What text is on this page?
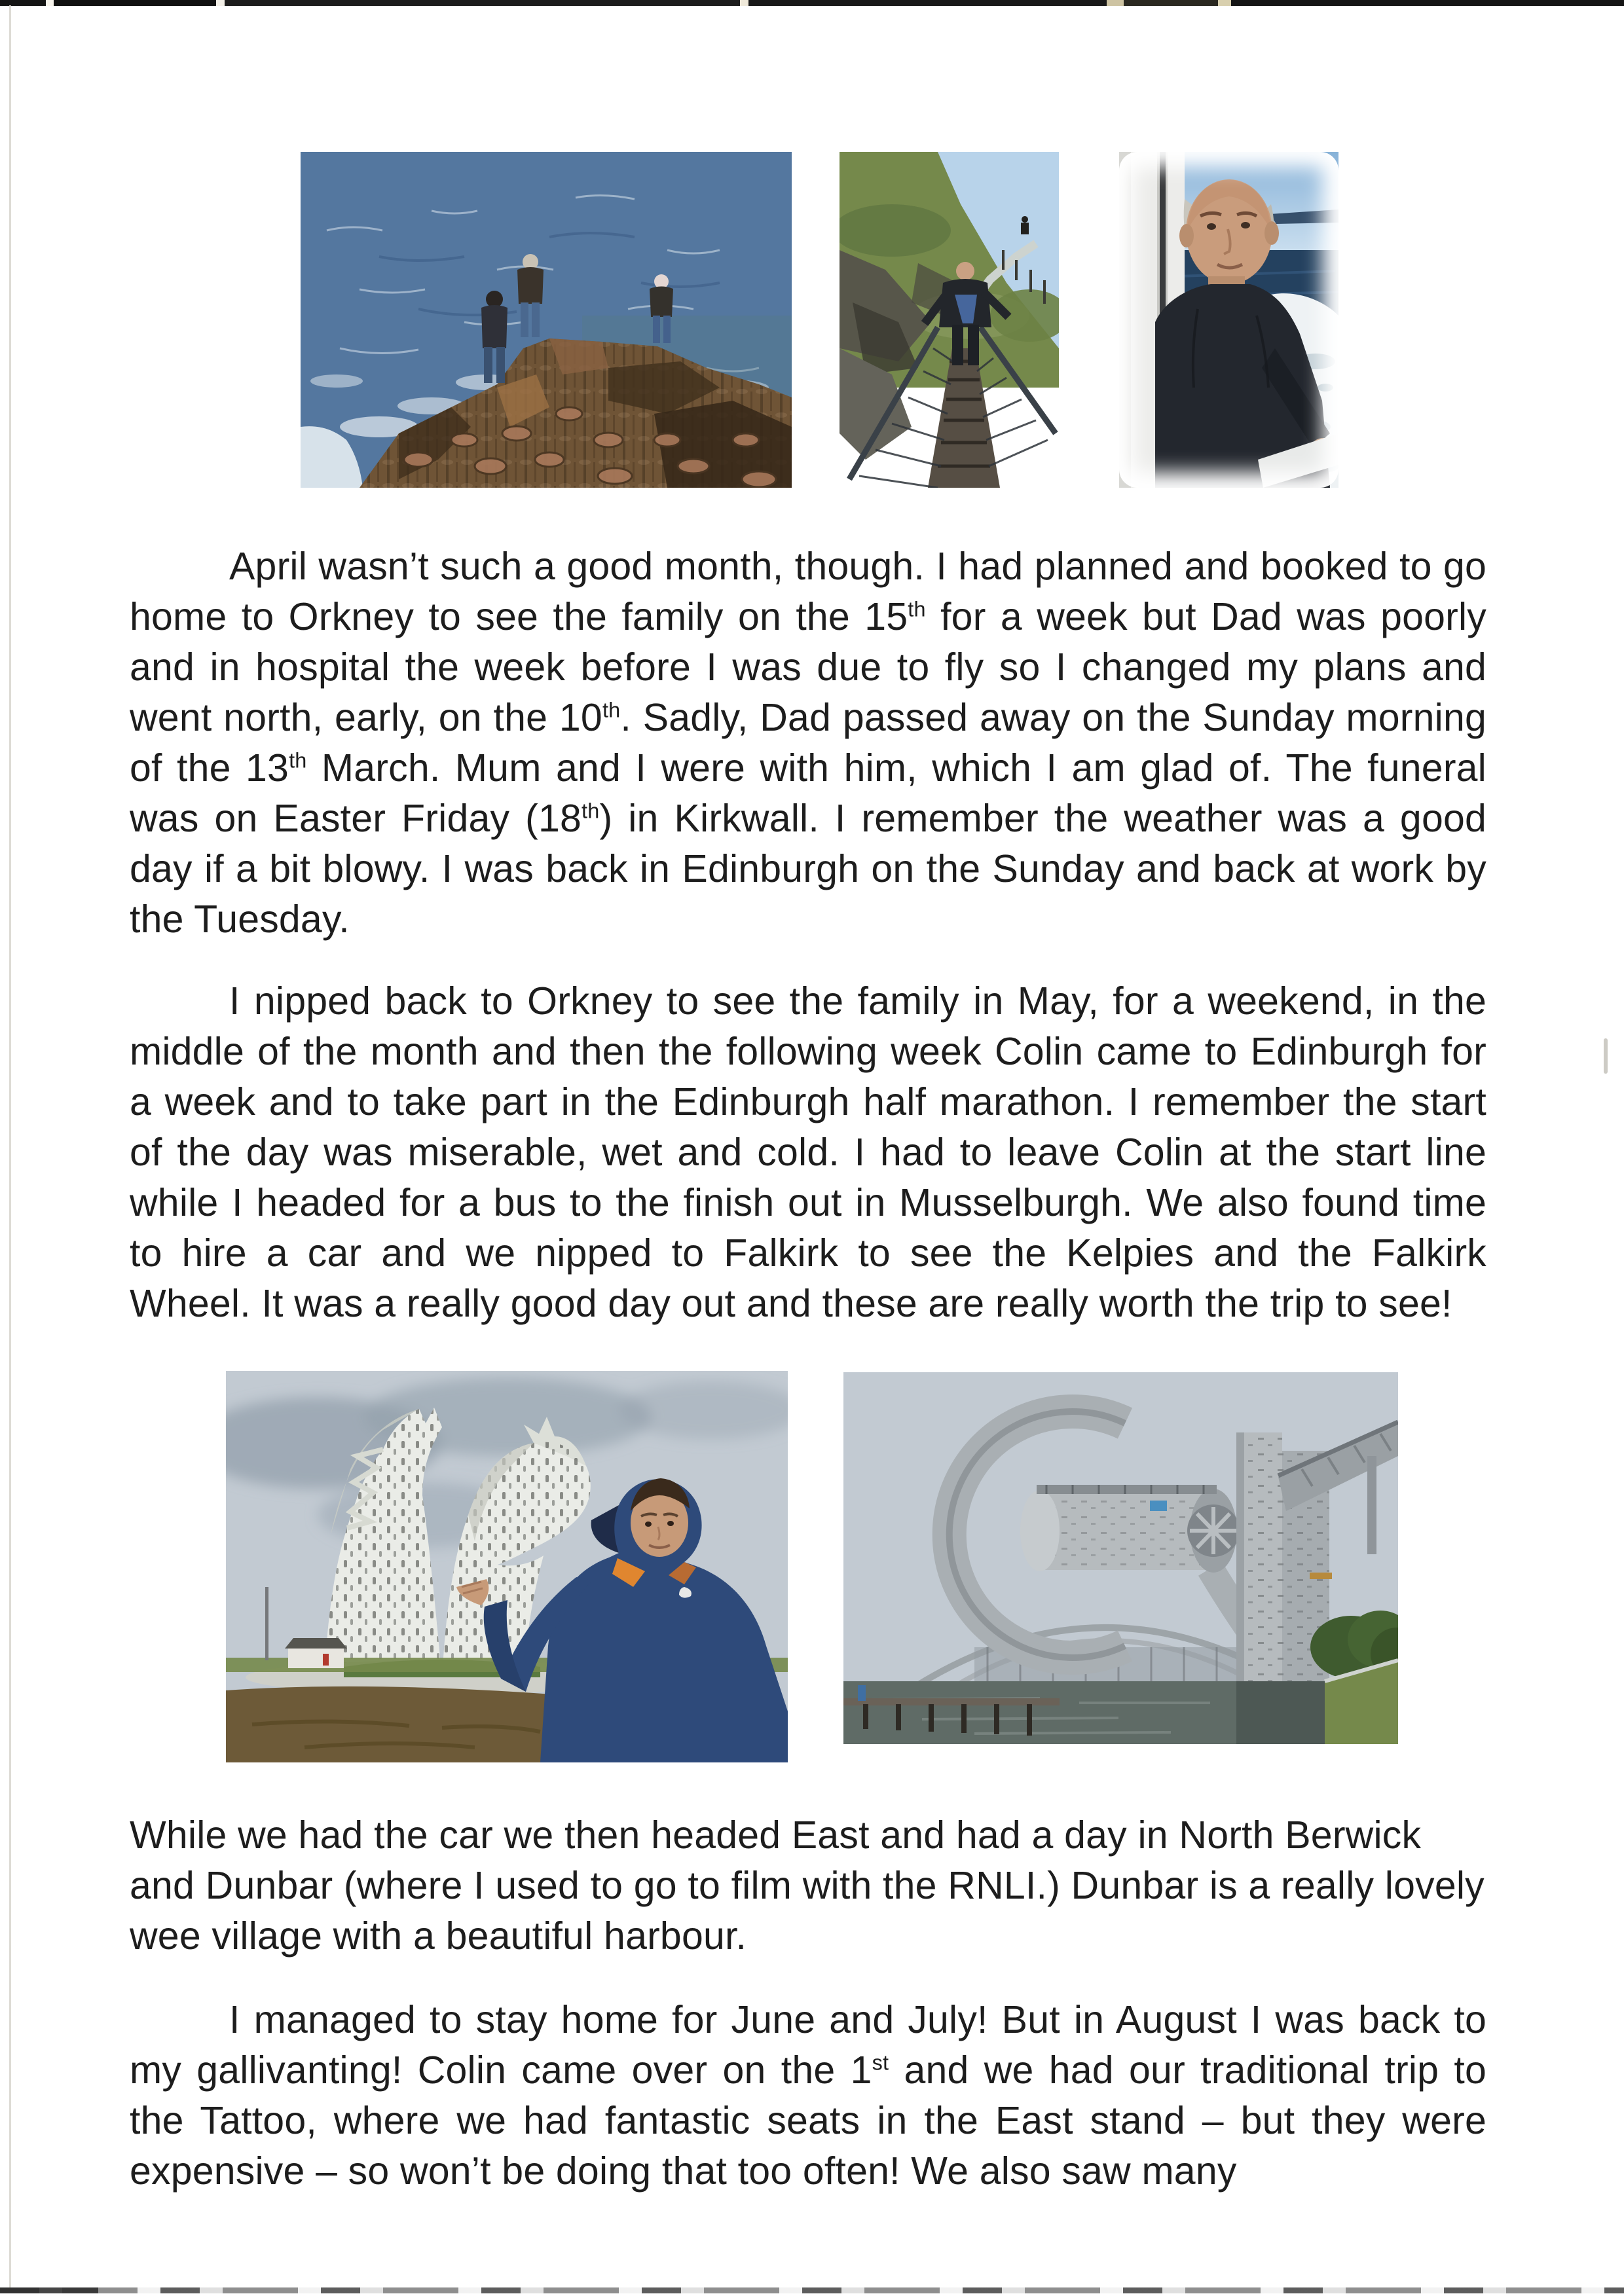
April wasn’t such a good month, though. I had planned and booked to go home to Orkney to see the family on the 15th for a week but Dad was poorly and in hospital the week before I was due to fly so I changed my plans and went north, early, on the 10th. Sadly, Dad passed away on the Sunday morning of the 13th March. Mum and I were with him, which I am glad of. The funeral was on Easter Friday (18th) in Kirkwall. I remember the weather was a good day if a bit blowy. I was back in Edinburgh on the Sunday and back at work by the Tuesday.

I nipped back to Orkney to see the family in May, for a weekend, in the middle of the month and then the following week Colin came to Edinburgh for a week and to take part in the Edinburgh half marathon. I remember the start of the day was miserable, wet and cold. I had to leave Colin at the start line while I headed for a bus to the finish out in Musselburgh. We also found time to hire a car and we nipped to Falkirk to see the Kelpies and the Falkirk Wheel. It was a really good day out and these are really worth the trip to see!

While we had the car we then headed East and had a day in North Berwick and Dunbar (where I used to go to film with the RNLI.) Dunbar is a really lovely wee village with a beautiful harbour.

I managed to stay home for June and July! But in August I was back to my gallivanting! Colin came over on the 1st and we had our traditional trip to the Tattoo, where we had fantastic seats in the East stand – but they were expensive – so won’t be doing that too often! We also saw many
